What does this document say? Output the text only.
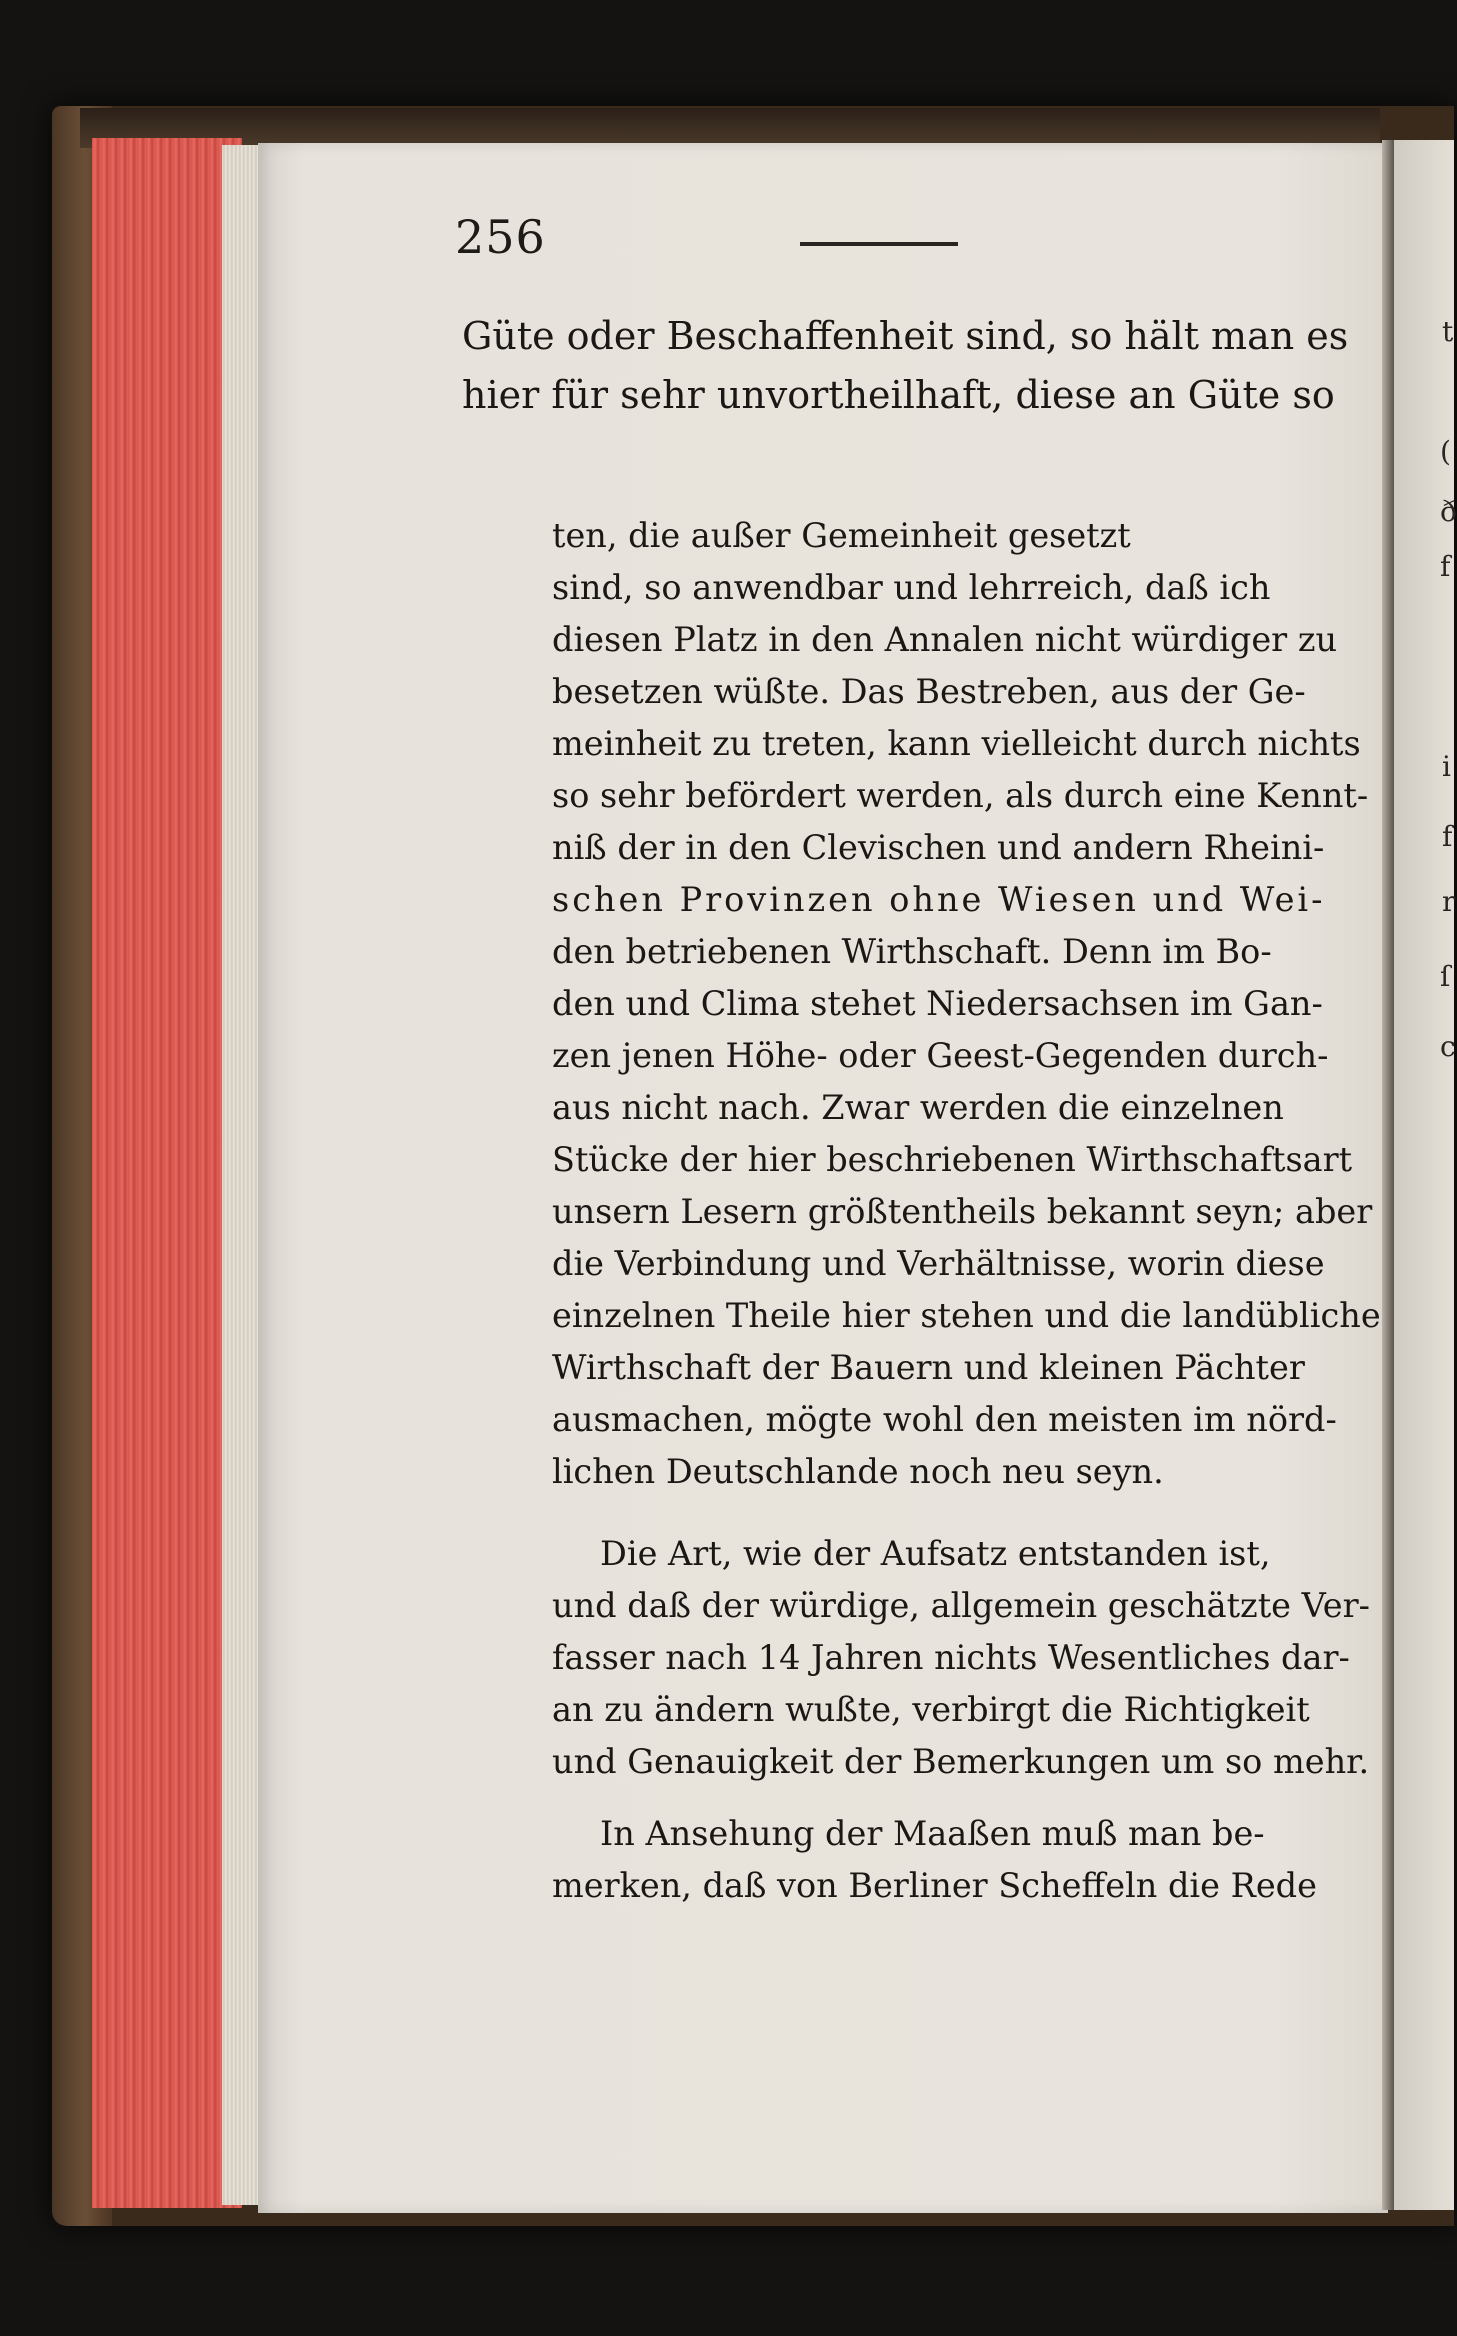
t
(
ð
f
i
f
r
ſ
c
256
Güte oder Beschaffenheit sind, so hält man es
hier für sehr unvortheilhaft, diese an Güte so
ten, die außer Gemeinheit gesetzt
sind, so anwendbar und lehrreich, daß ich
diesen Platz in den Annalen nicht würdiger zu
besetzen wüßte. Das Bestreben, aus der Ge-
meinheit zu treten, kann vielleicht durch nichts
so sehr befördert werden, als durch eine Kennt-
niß der in den Clevischen und andern Rheini-
schen Provinzen ohne Wiesen und Wei-
den betriebenen Wirthschaft. Denn im Bo-
den und Clima stehet Niedersachsen im Gan-
zen jenen Höhe- oder Geest-Gegenden durch-
aus nicht nach. Zwar werden die einzelnen
Stücke der hier beschriebenen Wirthschaftsart
unsern Lesern größtentheils bekannt seyn; aber
die Verbindung und Verhältnisse, worin diese
einzelnen Theile hier stehen und die landübliche
Wirthschaft der Bauern und kleinen Pächter
ausmachen, mögte wohl den meisten im nörd-
lichen Deutschlande noch neu seyn.
Die Art, wie der Aufsatz entstanden ist,
und daß der würdige, allgemein geschätzte Ver-
fasser nach 14 Jahren nichts Wesentliches dar-
an zu ändern wußte, verbirgt die Richtigkeit
und Genauigkeit der Bemerkungen um so mehr.
In Ansehung der Maaßen muß man be-
merken, daß von Berliner Scheffeln die Rede
